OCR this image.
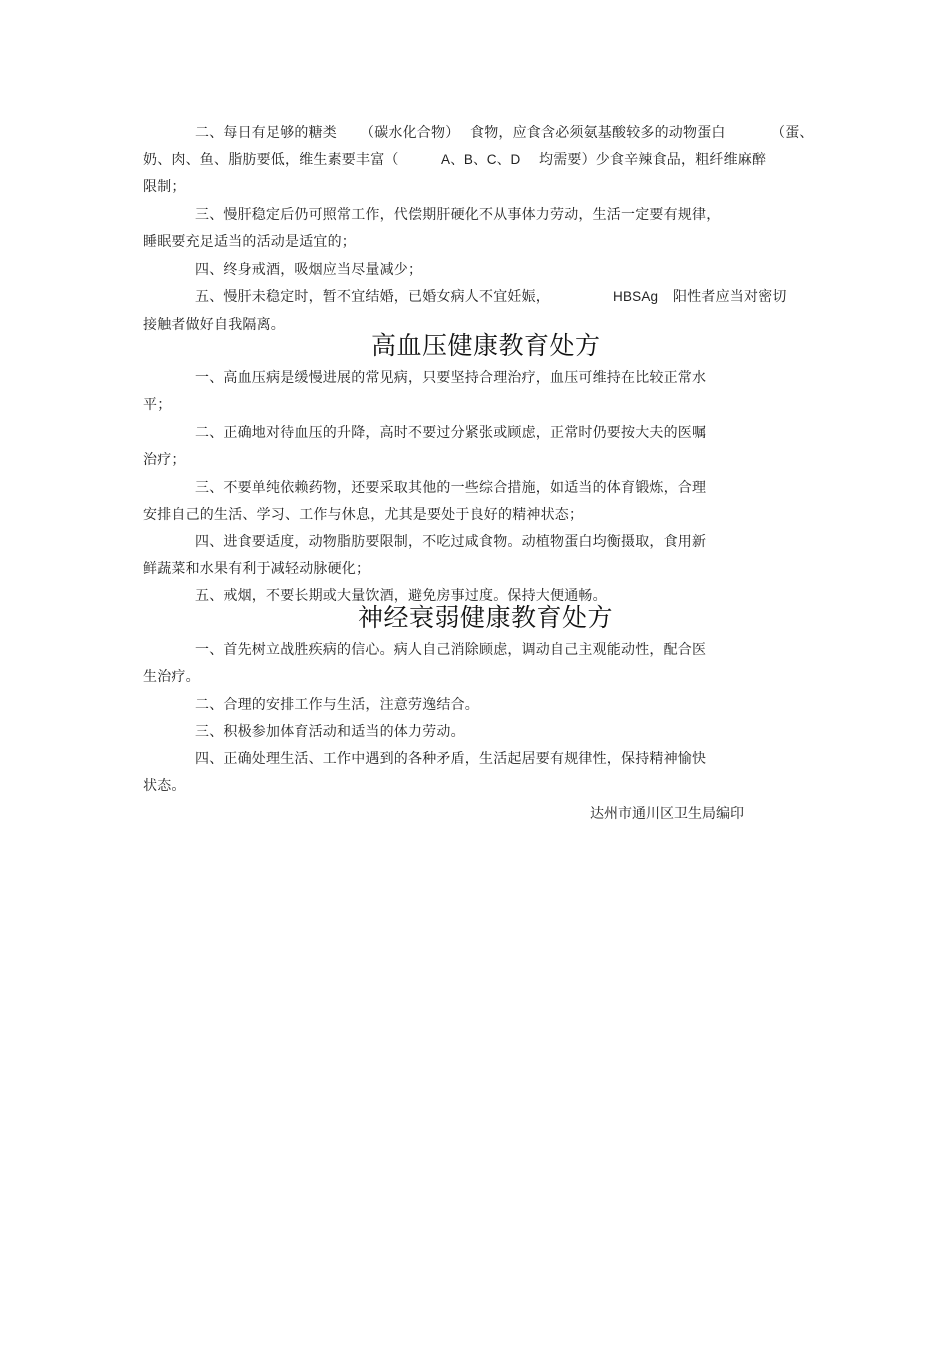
二、每日有足够的糖类 （碳水化合物） 食物，应食含必须氨基酸较多的动物蛋白	（蛋、
奶、肉、鱼、脂肪要低，维生素要丰富（	A、B、C、D 均需要）少食辛辣食品，粗纤维麻醉
限制；
三、慢肝稳定后仍可照常工作，代偿期肝硬化不从事体力劳动，生活一定要有规律，
睡眠要充足适当的活动是适宜的；
四、终身戒酒，吸烟应当尽量减少；
五、慢肝未稳定时，暂不宜结婚，已婚女病人不宜妊娠，	HBSAg 阳性者应当对密切
接触者做好自我隔离。
高血压健康教育处方
一、高血压病是缓慢进展的常见病，只要坚持合理治疗，血压可维持在比较正常水
平；
二、正确地对待血压的升降，高时不要过分紧张或顾虑，正常时仍要按大夫的医嘱
治疗；
三、不要单纯依赖药物，还要采取其他的一些综合措施，如适当的体育锻炼，合理
安排自己的生活、学习、工作与休息，尤其是要处于良好的精神状态；
四、进食要适度，动物脂肪要限制，不吃过咸食物。动植物蛋白均衡摄取，食用新
鲜蔬菜和水果有利于减轻动脉硬化；
五、戒烟，不要长期或大量饮酒，避免房事过度。保持大便通畅。
神经衰弱健康教育处方
一、首先树立战胜疾病的信心。病人自己消除顾虑，调动自己主观能动性，配合医
生治疗。
二、合理的安排工作与生活，注意劳逸结合。
三、积极参加体育活动和适当的体力劳动。
四、正确处理生活、工作中遇到的各种矛盾，生活起居要有规律性，保持精神愉快
状态。
达州市通川区卫生局编印
